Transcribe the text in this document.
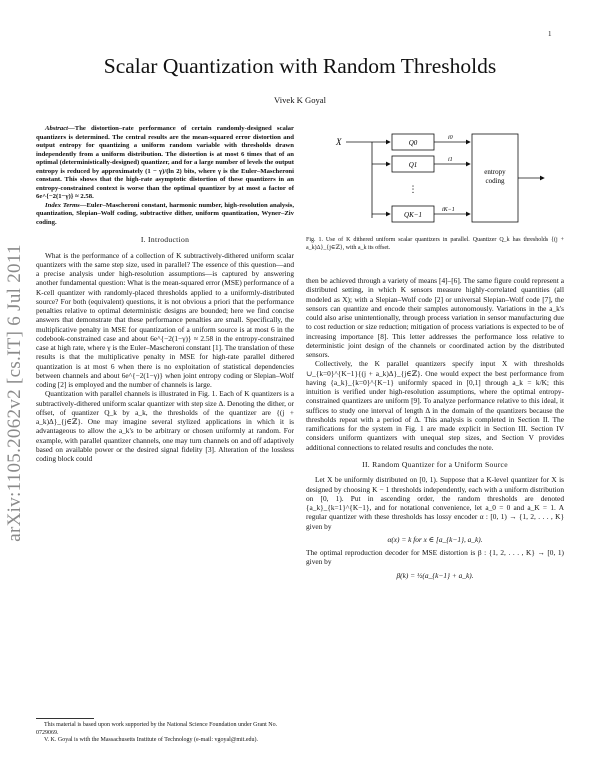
1
arXiv:1105.2062v2 [cs.IT] 6 Jul 2011
Scalar Quantization with Random Thresholds
Vivek K Goyal

Abstract—The distortion–rate performance of certain randomly-designed scalar quantizers is determined. The central results are the mean-squared error distortion and output entropy for quantizing a uniform random variable with thresholds drawn independently from a uniform distribution. The distortion is at most 6 times that of an optimal (deterministically-designed) quantizer, and for a large number of levels the output entropy is reduced by approximately (1 − γ)/(ln 2) bits, where γ is the Euler–Mascheroni constant. This shows that the high-rate asymptotic distortion of these quantizers in an entropy-constrained context is worse than the optimal quantizer by at most a factor of 6e^{−2(1−γ)} ≈ 2.58.

Index Terms—Euler–Mascheroni constant, harmonic number, high-resolution analysis, quantization, Slepian–Wolf coding, subtractive dither, uniform quantization, Wyner–Ziv coding.

I. Introduction

What is the performance of a collection of K subtractively-dithered uniform scalar quantizers with the same step size, used in parallel? The essence of this question—and a precise analysis under high-resolution assumptions—is captured by answering another fundamental question: What is the mean-squared error (MSE) performance of a K-cell quantizer with randomly-placed thresholds applied to a uniformly-distributed source? For both (equivalent) questions, it is not obvious a priori that the performance penalties relative to optimal deterministic designs are bounded; here we find concise answers that demonstrate that these performance penalties are small. Specifically, the multiplicative penalty in MSE for quantization of a uniform source is at most 6 in the codebook-constrained case and about 6e^{−2(1−γ)} ≈ 2.58 in the entropy-constrained case at high rate, where γ is the Euler–Mascheroni constant [1]. The translation of these results is that the multiplicative penalty in MSE for high-rate parallel dithered quantization is at most 6 when there is no exploitation of statistical dependencies between channels and about 6e^{−2(1−γ)} when joint entropy coding or Slepian–Wolf coding [2] is employed and the number of channels is large.

Quantization with parallel channels is illustrated in Fig. 1. Each of K quantizers is a subtractively-dithered uniform scalar quantizer with step size Δ. Denoting the dither, or offset, of quantizer Q_k by a_k, the thresholds of the quantizer are {(j + a_k)Δ}_{j∈ℤ}. One may imagine several stylized applications in which it is advantageous to allow the a_k's to be arbitrary or chosen uniformly at random. For example, with parallel quantizer channels, one may turn channels on and off adaptively based on available power or the desired signal fidelity [3]. Alteration of the lossless coding block could

This material is based upon work supported by the National Science Foundation under Grant No. 0729069.

V. K. Goyal is with the Massachusetts Institute of Technology (e-mail: vgoyal@mit.edu).

X	Q0
Q1
⋮
QK−1
i0
i1
iK−1
entropy
coding
Fig. 1. Use of K dithered uniform scalar quantizers in parallel. Quantizer Q_k has thresholds {(j + a_k)Δ}_{j∈ℤ}, with a_k its offset.

then be achieved through a variety of means [4]–[6]. The same figure could represent a distributed setting, in which K sensors measure highly-correlated quantities (all modeled as X); with a Slepian–Wolf code [2] or universal Slepian–Wolf code [7], the sensors can quantize and encode their samples autonomously. Variations in the a_k's could also arise unintentionally, through process variation in sensor manufacturing due to cost reduction or size reduction; mitigation of process variations is expected to be of increasing importance [8]. This letter addresses the performance loss relative to deterministic joint design of the channels or coordinated action by the distributed sensors.

Collectively, the K parallel quantizers specify input X with thresholds ∪_{k=0}^{K−1}{(j + a_k)Δ}_{j∈ℤ}. One would expect the best performance from having {a_k}_{k=0}^{K−1} uniformly spaced in [0,1] through a_k = k/K; this intuition is verified under high-resolution assumptions, where the optimal entropy-constrained quantizers are uniform [9]. To analyze performance relative to this ideal, it suffices to study one interval of length Δ in the domain of the quantizers because the thresholds repeat with a period of Δ. This analysis is completed in Section II. The ramifications for the system in Fig. 1 are made explicit in Section III. Section IV considers uniform quantizers with unequal step sizes, and Section V provides additional connections to related results and concludes the note.

II. Random Quantizer for a Uniform Source

Let X be uniformly distributed on [0, 1). Suppose that a K-level quantizer for X is designed by choosing K − 1 thresholds independently, each with a uniform distribution on [0, 1). Put in ascending order, the random thresholds are denoted {a_k}_{k=1}^{K−1}, and for notational convenience, let a_0 = 0 and a_K = 1. A regular quantizer with these thresholds has lossy encoder α : [0, 1) → {1, 2, . . . , K} given by

α(x) = k for x ∈ [a_{k−1}, a_k).

The optimal reproduction decoder for MSE distortion is β : {1, 2, . . . , K} → [0, 1) given by

β(k) = ½(a_{k−1} + a_k).
